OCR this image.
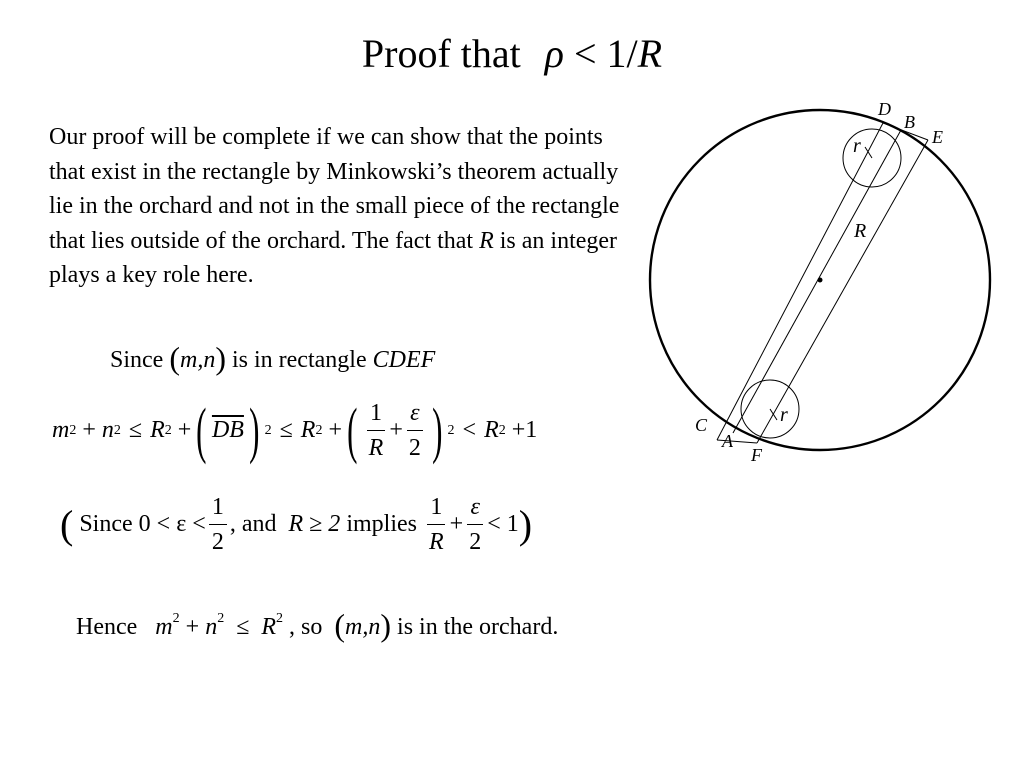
Proof that ρ < 1/R
Our proof will be complete if we can show that the points that exist in the rectangle by Minkowski’s theorem actually lie in the orchard and not in the small piece of the rectangle that lies outside of the orchard. The fact that R is an integer plays a key role here.
Since (m,n) is in rectangle CDEF
m 2 + n 2 ≤ R 2 + ( $\overline{DB}$ ) 2 ≤ R 2 + ( $\frac{1}{R} + \frac{\varepsilon}{2}$ ) 2 < R 2 +1
(
Since
$0 < \varepsilon < \frac{1}{2}$ , and
R ≥ 2
implies
$\frac{1}{R} + \frac{\varepsilon}{2} < 1$ )
Hence $m^2 + n^2 \le R^2$ , so (m,n) is in the orchard.
D
B
E
r
R
C
A
F
r
